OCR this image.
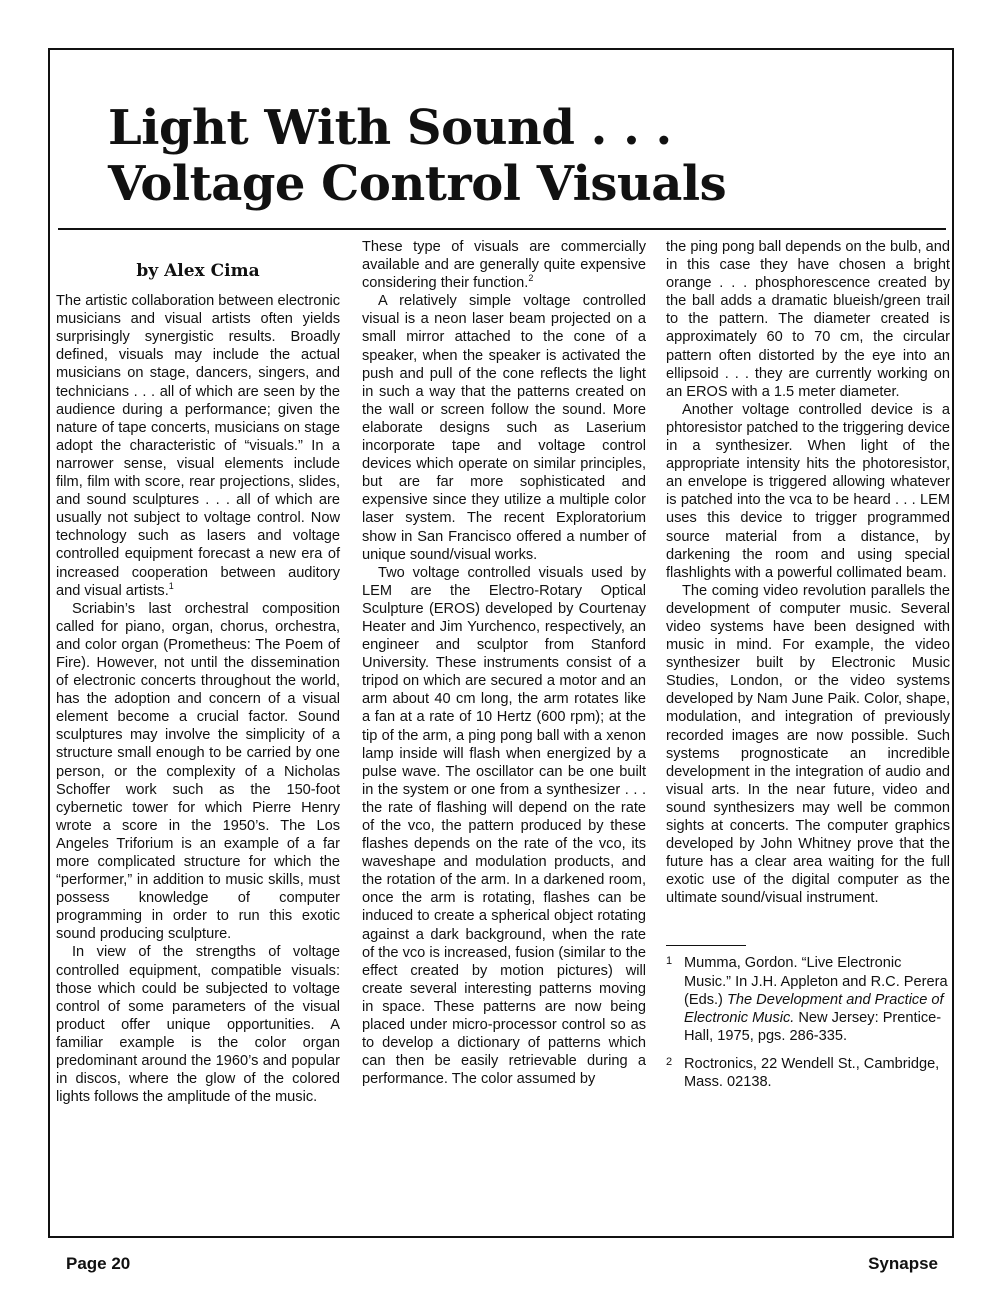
Light With Sound . . .
Voltage Control Visuals
by Alex Cima

The artistic collaboration between electronic musicians and visual artists often yields surprisingly synergistic results. Broadly defined, visuals may include the actual musicians on stage, dancers, singers, and technicians . . . all of which are seen by the audience during a performance; given the nature of tape concerts, musicians on stage adopt the characteristic of “visuals.” In a narrower sense, visual elements include film, film with score, rear projections, slides, and sound sculptures . . . all of which are usually not subject to voltage control. Now technology such as lasers and voltage controlled equipment forecast a new era of increased cooperation between auditory and visual artists.$^1$

Scriabin’s last orchestral composition called for piano, organ, chorus, orchestra, and color organ (Prometheus: The Poem of Fire). However, not until the dissemination of electronic concerts throughout the world, has the adoption and concern of a visual element become a crucial factor. Sound sculptures may involve the simplicity of a structure small enough to be carried by one person, or the complexity of a Nicholas Schoffer work such as the 150-foot cybernetic tower for which Pierre Henry wrote a score in the 1950’s. The Los Angeles Triforium is an example of a far more complicated structure for which the “performer,” in addition to music skills, must possess knowledge of computer programming in order to run this exotic sound producing sculpture.

In view of the strengths of voltage controlled equipment, compatible visuals: those which could be subjected to voltage control of some parameters of the visual product offer unique opportunities. A familiar example is the color organ predominant around the 1960’s and popular in discos, where the glow of the colored lights follows the amplitude of the music.

These type of visuals are commercially available and are generally quite expensive considering their function.$^2$

A relatively simple voltage controlled visual is a neon laser beam projected on a small mirror attached to the cone of a speaker, when the speaker is activated the push and pull of the cone reflects the light in such a way that the patterns created on the wall or screen follow the sound. More elaborate designs such as Laserium incorporate tape and voltage control devices which operate on similar principles, but are far more sophisticated and expensive since they utilize a multiple color laser system. The recent Exploratorium show in San Francisco offered a number of unique sound/visual works.

Two voltage controlled visuals used by LEM are the Electro-Rotary Optical Sculpture (EROS) developed by Courtenay Heater and Jim Yurchenco, respectively, an engineer and sculptor from Stanford University. These instruments consist of a tripod on which are secured a motor and an arm about 40 cm long, the arm rotates like a fan at a rate of 10 Hertz (600 rpm); at the tip of the arm, a ping pong ball with a xenon lamp inside will flash when energized by a pulse wave. The oscillator can be one built in the system or one from a synthesizer . . . the rate of flashing will depend on the rate of the vco, the pattern produced by these flashes depends on the rate of the vco, its waveshape and modulation products, and the rotation of the arm. In a darkened room, once the arm is rotating, flashes can be induced to create a spherical object rotating against a dark background, when the rate of the vco is increased, fusion (similar to the effect created by motion pictures) will create several interesting patterns moving in space. These patterns are now being placed under micro-processor control so as to develop a dictionary of patterns which can then be easily retrievable during a performance. The color assumed by

the ping pong ball depends on the bulb, and in this case they have chosen a bright orange . . . phosphorescence created by the ball adds a dramatic blueish/green trail to the pattern. The diameter created is approximately 60 to 70 cm, the circular pattern often distorted by the eye into an ellipsoid . . . they are currently working on an EROS with a 1.5 meter diameter.

Another voltage controlled device is a phtoresistor patched to the triggering device in a synthesizer. When light of the appropriate intensity hits the photoresistor, an envelope is triggered allowing whatever is patched into the vca to be heard . . . LEM uses this device to trigger programmed source material from a distance, by darkening the room and using special flashlights with a powerful collimated beam.

The coming video revolution parallels the development of computer music. Several video systems have been designed with music in mind. For example, the video synthesizer built by Electronic Music Studies, London, or the video systems developed by Nam June Paik. Color, shape, modulation, and integration of previously recorded images are now possible. Such systems prognosticate an incredible development in the integration of audio and visual arts. In the near future, video and sound synthesizers may well be common sights at concerts. The computer graphics developed by John Whitney prove that the future has a clear area waiting for the full exotic use of the digital computer as the ultimate sound/visual instrument.

1 Mumma, Gordon. “Live Electronic Music.” In J.H. Appleton and R.C. Perera (Eds.) The Development and Practice of Electronic Music. New Jersey: Prentice-Hall, 1975, pgs. 286-335.
2 Roctronics, 22 Wendell St., Cambridge, Mass. 02138.
Page 20	Synapse
